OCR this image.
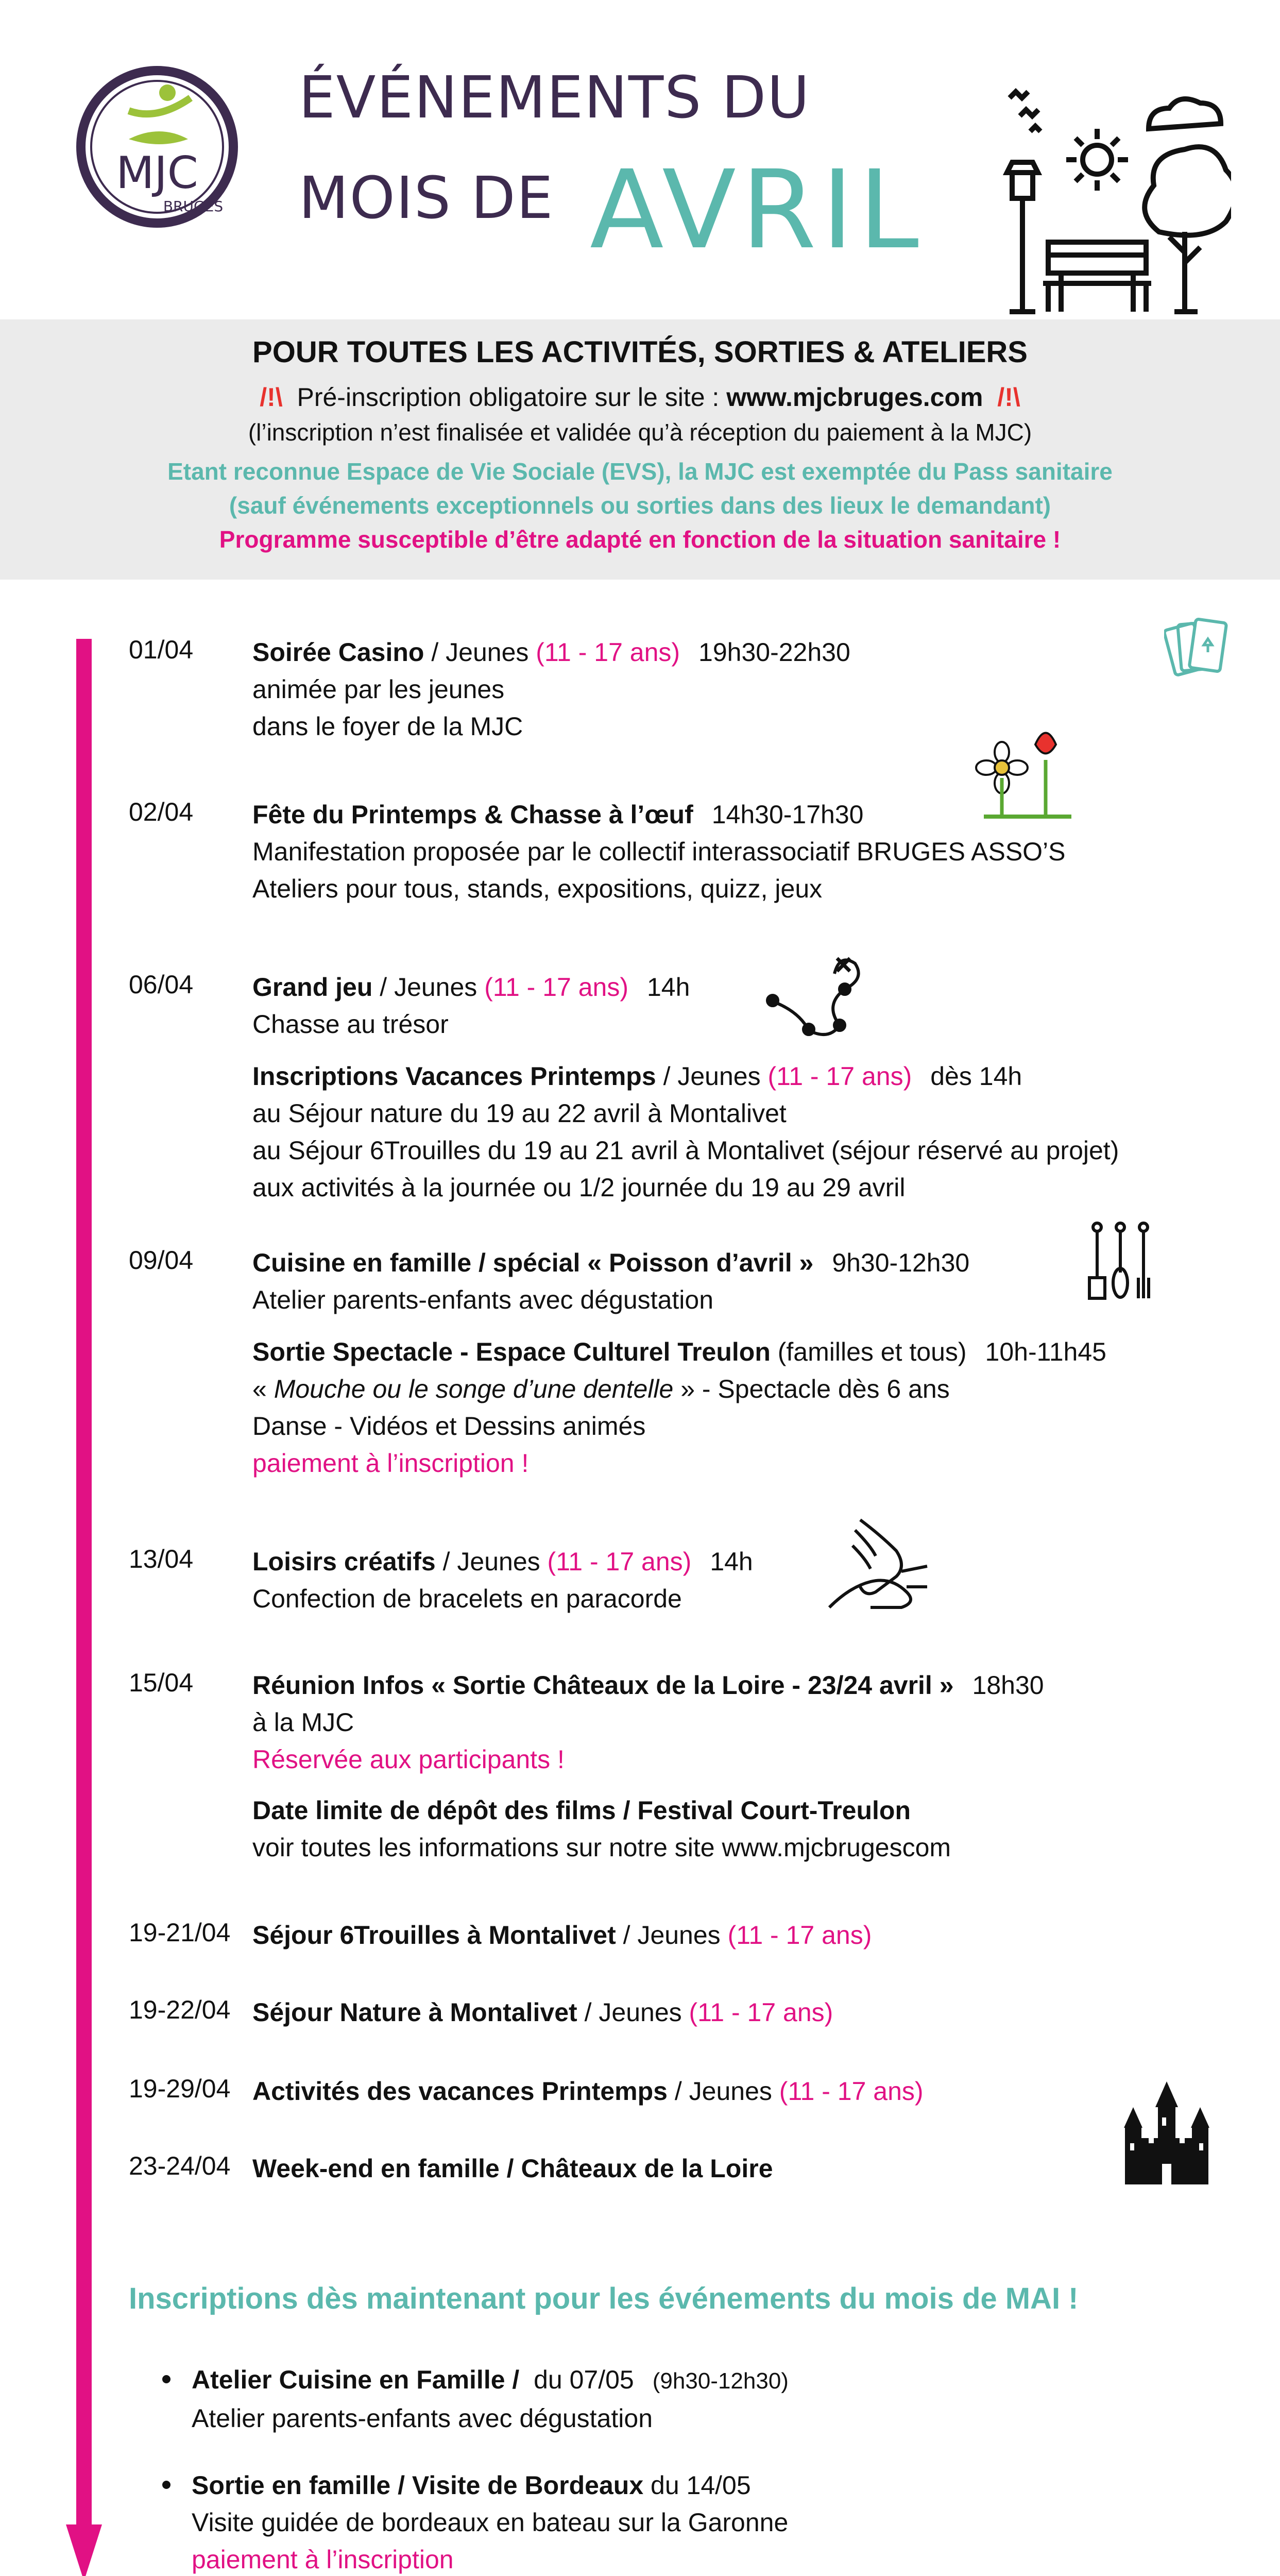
MJC
BRUGES
ÉVÉNEMENTS DU
MOIS DE AVRIL
POUR TOUTES LES ACTIVITÉS, SORTIES & ATELIERS
/!\ Pré-inscription obligatoire sur le site : www.mjcbruges.com /!\
(l’inscription n’est finalisée et validée qu’à réception du paiement à la MJC)
Etant reconnue Espace de Vie Sociale (EVS), la MJC est exemptée du Pass sanitaire
(sauf événements exceptionnels ou sorties dans des lieux le demandant)
Programme susceptible d’être adapté en fonction de la situation sanitaire !
01/04 Soirée Casino / Jeunes (11 - 17 ans) 19h30-22h30
animée par les jeunes
dans le foyer de la MJC
02/04 Fête du Printemps & Chasse à l’œuf 14h30-17h30
Manifestation proposée par le collectif interassociatif BRUGES ASSO’S
Ateliers pour tous, stands, expositions, quizz, jeux
06/04 Grand jeu / Jeunes (11 - 17 ans) 14h
Chasse au trésor
Inscriptions Vacances Printemps / Jeunes (11 - 17 ans) dès 14h
au Séjour nature du 19 au 22 avril à Montalivet
au Séjour 6Trouilles du 19 au 21 avril à Montalivet (séjour réservé au projet)
aux activités à la journée ou 1/2 journée du 19 au 29 avril
09/04 Cuisine en famille / spécial « Poisson d’avril » 9h30-12h30
Atelier parents-enfants avec dégustation
Sortie Spectacle - Espace Culturel Treulon (familles et tous) 10h-11h45
« Mouche ou le songe d’une dentelle » - Spectacle dès 6 ans
Danse - Vidéos et Dessins animés
paiement à l’inscription !
13/04 Loisirs créatifs / Jeunes (11 - 17 ans) 14h
Confection de bracelets en paracorde
15/04 Réunion Infos « Sortie Châteaux de la Loire - 23/24 avril » 18h30
à la MJC
Réservée aux participants !
Date limite de dépôt des films / Festival Court-Treulon
voir toutes les informations sur notre site www.mjcbrugescom
19-21/04 Séjour 6Trouilles à Montalivet / Jeunes (11 - 17 ans)
19-22/04 Séjour Nature à Montalivet / Jeunes (11 - 17 ans)
19-29/04 Activités des vacances Printemps / Jeunes (11 - 17 ans)
23-24/04 Week-end en famille / Châteaux de la Loire
Inscriptions dès maintenant pour les événements du mois de MAI !
Atelier Cuisine en Famille / du 07/05 (9h30-12h30)
Atelier parents-enfants avec dégustation
Sortie en famille / Visite de Bordeaux du 14/05
Visite guidée de bordeaux en bateau sur la Garonne
paiement à l’inscription
